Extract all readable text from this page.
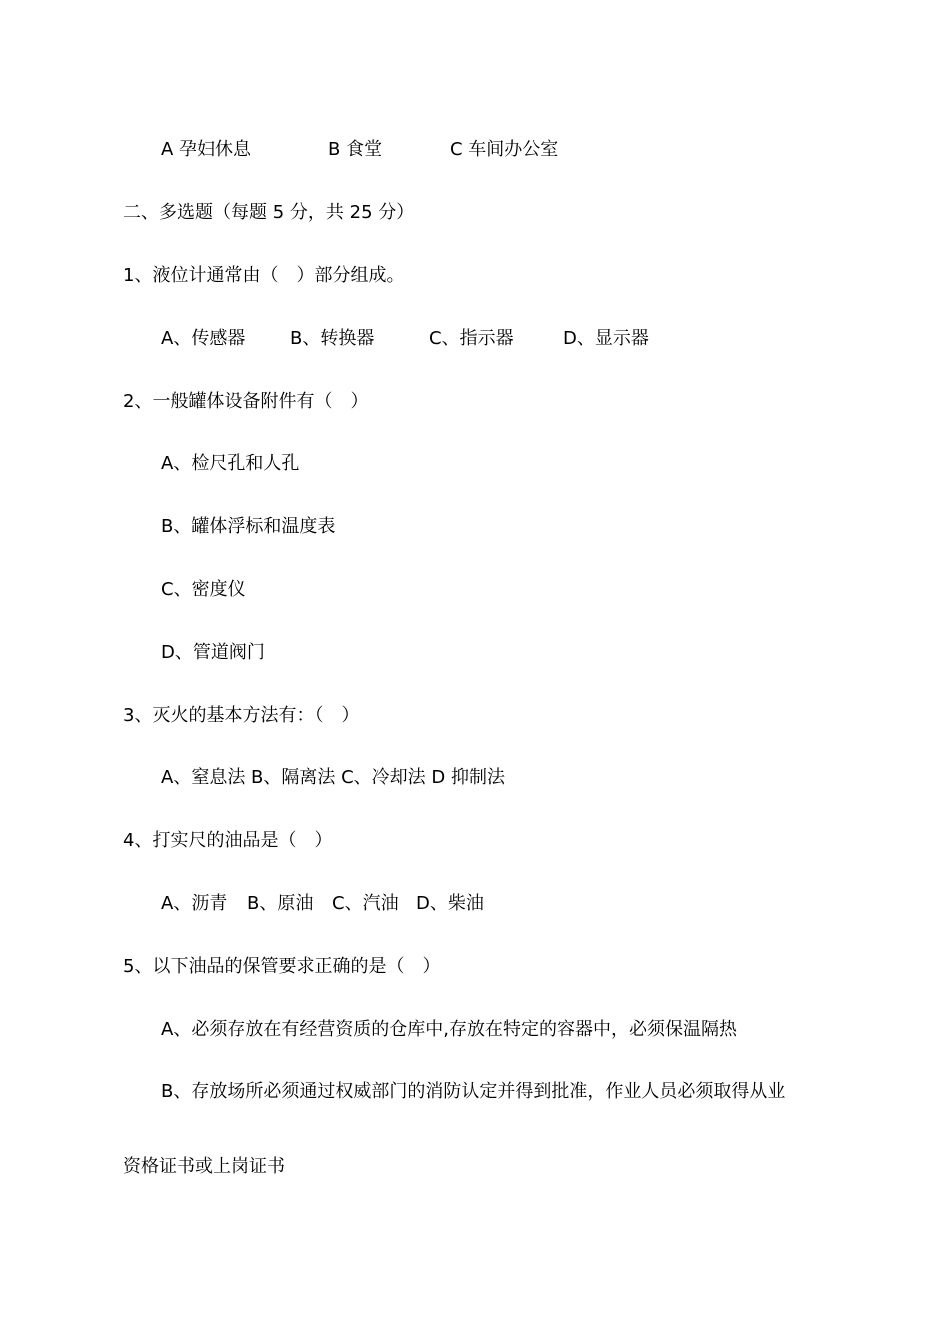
A 孕妇休息	B 食堂	C 车间办公室
二、多选题（每题 5 分，共 25 分）
1、液位计通常由（　）部分组成。
A、传感器 B、转换器	C、指示器	D、显示器
2、一般罐体设备附件有（　）
A、检尺孔和人孔
B、罐体浮标和温度表
C、密度仪
D、管道阀门
3、灭火的基本方法有：（　）
A、窒息法 B、隔离法 C、冷却法 D 抑制法
4、打实尺的油品是（　）
A、沥青 B、原油 C、汽油 D、柴油
5、以下油品的保管要求正确的是（　）
A、必须存放在有经营资质的仓库中,存放在特定的容器中，必须保温隔热
B、存放场所必须通过权威部门的消防认定并得到批准，作业人员必须取得从业
资格证书或上岗证书
